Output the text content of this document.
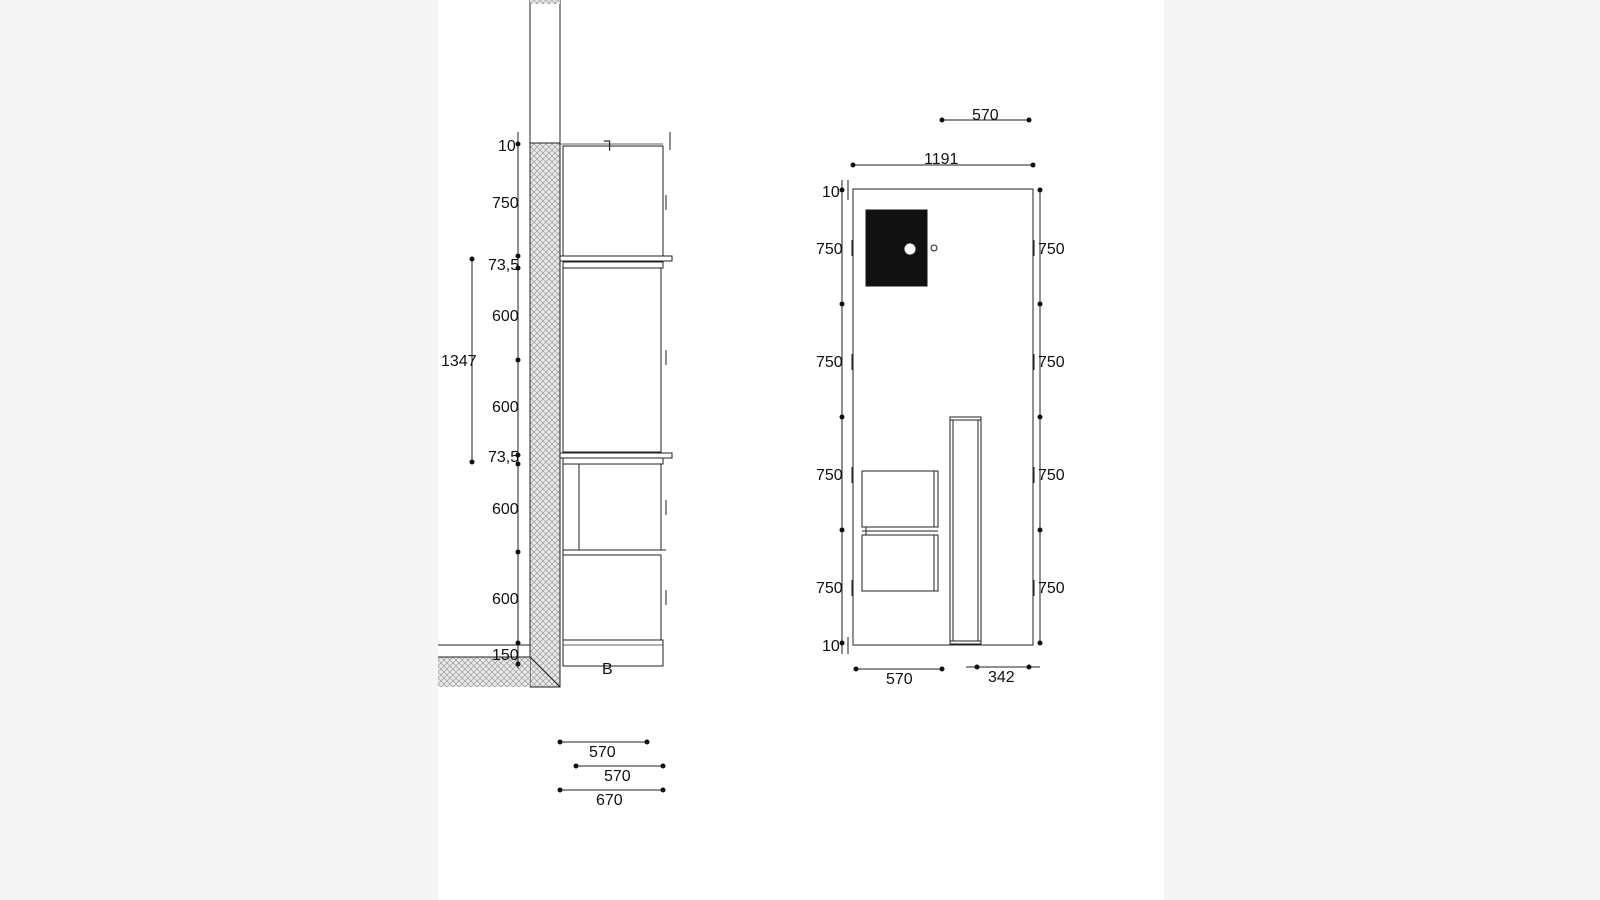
┐
B
10
750
73,5
600
600
73,5
600
600
150
1347
570
570
670
570
1191
10
750
750
750
750
10
750
750
750
750
570	342
